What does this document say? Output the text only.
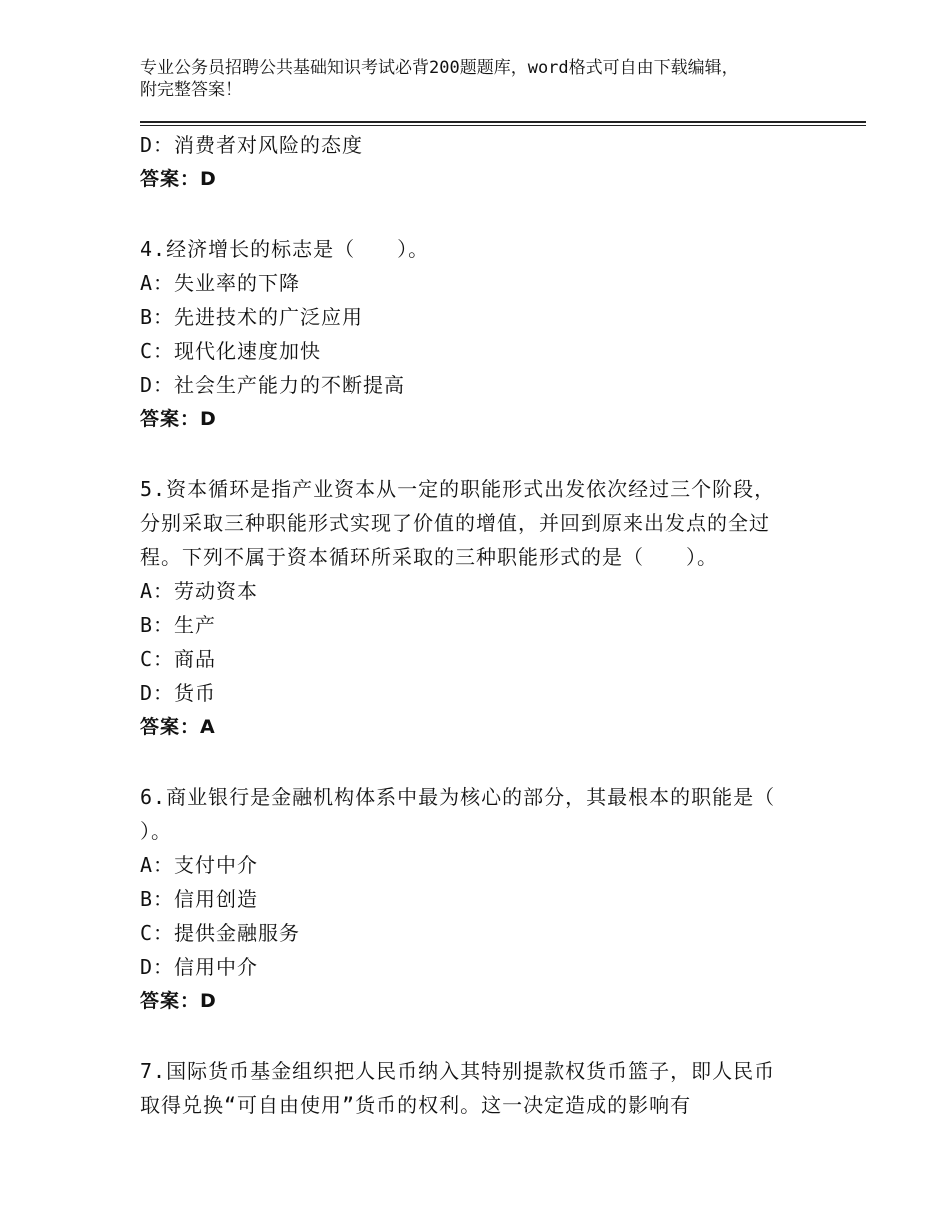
专业公务员招聘公共基础知识考试必背200题题库，word格式可自由下载编辑，
附完整答案！
D：消费者对风险的态度
答案：D
4.经济增长的标志是（　　）。
A：失业率的下降
B：先进技术的广泛应用
C：现代化速度加快
D：社会生产能力的不断提高
答案：D
5.资本循环是指产业资本从一定的职能形式出发依次经过三个阶段，
分别采取三种职能形式实现了价值的增值，并回到原来出发点的全过
程。下列不属于资本循环所采取的三种职能形式的是（　　）。
A：劳动资本
B：生产
C：商品
D：货币
答案：A
6.商业银行是金融机构体系中最为核心的部分，其最根本的职能是（
）。
A：支付中介
B：信用创造
C：提供金融服务
D：信用中介
答案：D
7.国际货币基金组织把人民币纳入其特别提款权货币篮子，即人民币
取得兑换“可自由使用”货币的权利。这一决定造成的影响有
